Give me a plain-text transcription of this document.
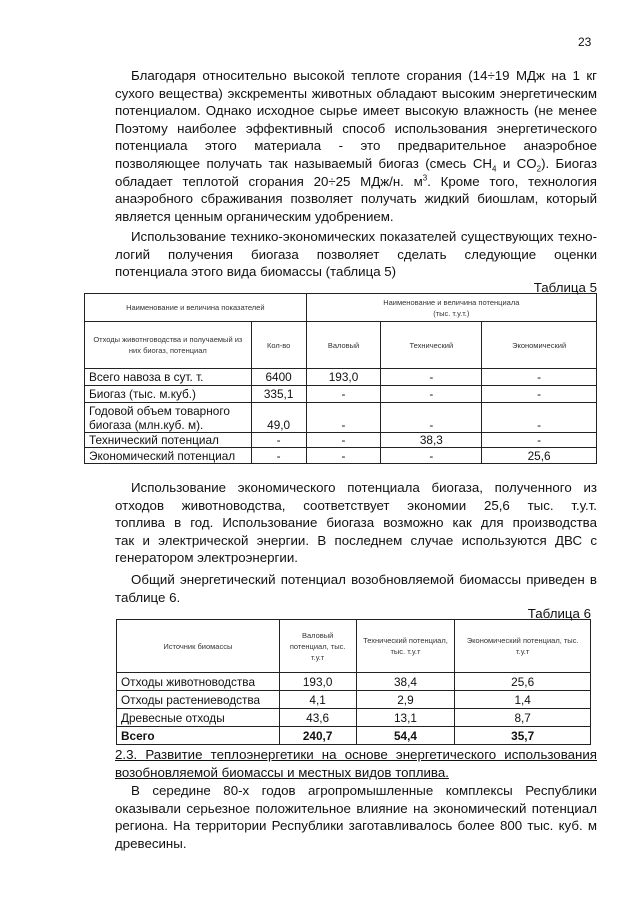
23
Благодаря относительно высокой теплоте сгорания (14÷19 МДж на 1 кг
сухого вещества) экскременты животных обладают высоким энергетическим
потенциалом. Однако исходное сырье имеет высокую влажность (не менее
Поэтому наиболее эффективный способ использования энергетического
потенциала этого материала - это предварительное анаэробное
позволяющее получать так называемый биогаз (смесь $CH_4$ и $CO_2$). Биогаз
обладает теплотой сгорания 20÷25 МДж/н. $м^3$. Кроме того, технология
анаэробного сбраживания позволяет получать жидкий биошлам, который
является ценным органическим удобрением.
Использование технико-экономических показателей существующих техно-
логий получения биогаза позволяет сделать следующие оценки
потенциала этого вида биомассы (таблица 5)
Использование экономического потенциала биогаза, полученного из
отходов животноводства, соответствует экономии 25,6 тыс. т.у.т.
топлива в год. Использование биогаза возможно как для производства
так и электрической энергии. В последнем случае используются ДВС с
генератором электроэнергии.
Общий энергетический потенциал возобновляемой биомассы приведен в
таблице 6.
2.3. Развитие теплоэнергетики на основе энергетического использования
возобновляемой биомассы и местных видов топлива.
В середине 80-х годов агропромышленные комплексы Республики
оказывали серьезное положительное влияние на экономический потенциал
региона. На территории Республики заготавливалось более 800 тыс. куб. м
древесины.
Таблица 5
Наименование и величина показателей		Наименование и величина потенциала
(тыс. т.у.т.)		
Отходы животнговодства и получаемый из них биогаз, потенциал	Кол-во	Валовый	Технический	Экономический
Всего навоза в сут. т.	6400	193,0	-	-
Биогаз (тыс. м.куб.)	335,1	-	-	-
Годовой объем товарного биогаза (млн.куб. м).	49,0	-	-	-
Технический потенциал	-	-	38,3	-
Экономический потенциал	-	-	-	25,6
Таблица 6
Источник биомассы	Валовый потенциал, тыс. т.у.т	Технический потенциал, тыс. т.у.т	Экономический потенциал, тыс. т.у.т
Отходы животноводства	193,0	38,4	25,6
Отходы растениеводства	4,1	2,9	1,4
Древесные отходы	43,6	13,1	8,7
Всего	240,7	54,4	35,7
